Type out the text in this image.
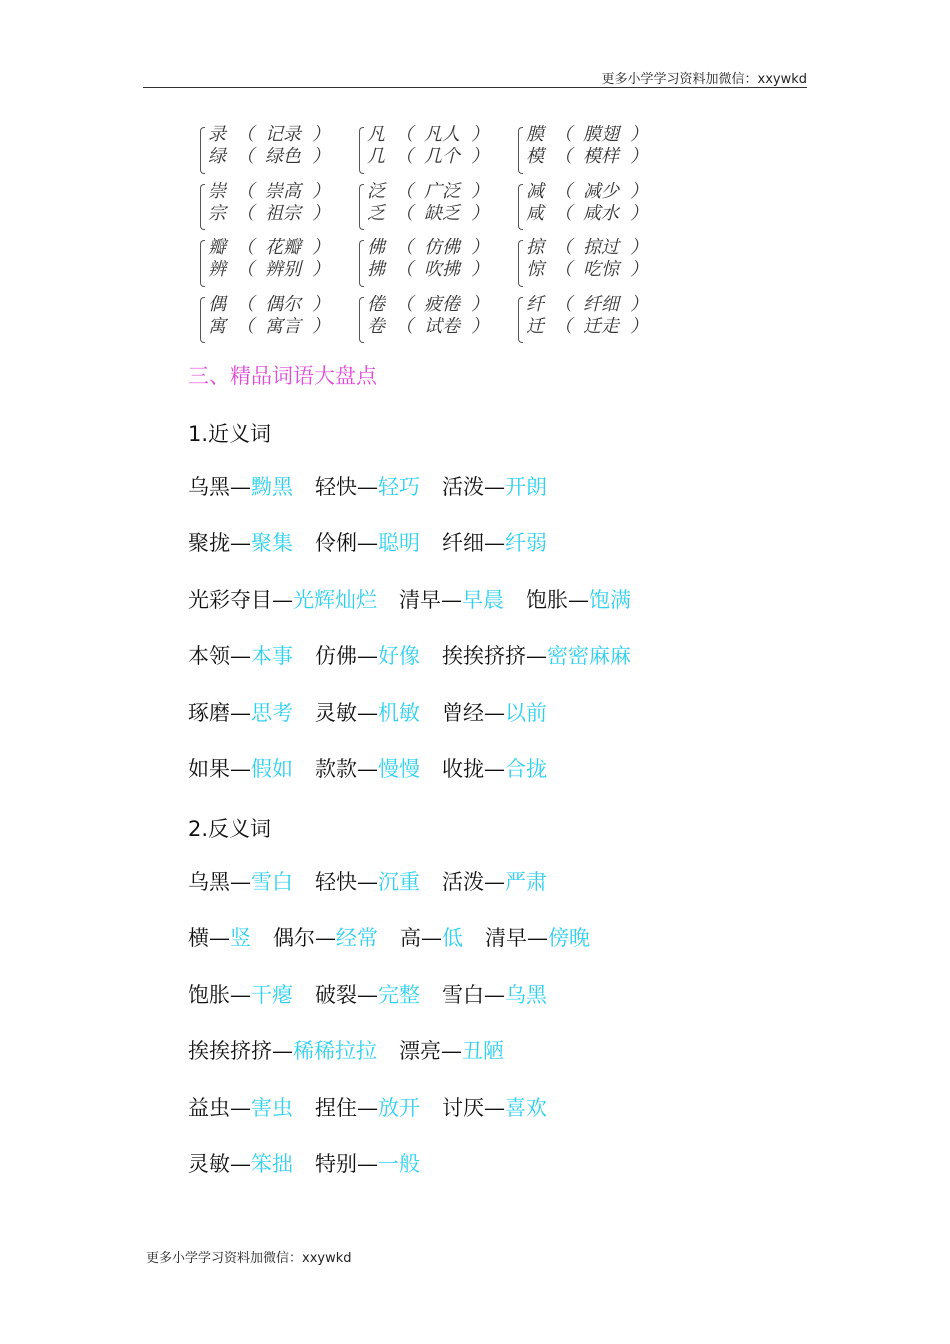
更多小学学习资料加微信：xxywkd
录 （ 记录 ）
绿 （ 绿色 ）
凡 （ 凡人 ）
几 （ 几个 ）
膜 （ 膜翅 ）
模 （ 模样 ）
崇 （ 崇高 ）
宗 （ 祖宗 ）
泛 （ 广泛 ）
乏 （ 缺乏 ）
减 （ 减少 ）
咸 （ 咸水 ）
瓣 （ 花瓣 ）
辨 （ 辨别 ）
佛 （ 仿佛 ）
拂 （ 吹拂 ）
掠 （ 掠过 ）
惊 （ 吃惊 ）
偶 （ 偶尔 ）
寓 （ 寓言 ）
倦 （ 疲倦 ）
卷 （ 试卷 ）
纤 （ 纤细 ）
迁 （ 迁走 ）
三、精品词语大盘点
1.近义词
乌黑—黝黑 轻快—轻巧 活泼—开朗
聚拢—聚集 伶俐—聪明 纤细—纤弱
光彩夺目—光辉灿烂 清早—早晨 饱胀—饱满
本领—本事 仿佛—好像 挨挨挤挤—密密麻麻
琢磨—思考 灵敏—机敏 曾经—以前
如果—假如 款款—慢慢 收拢—合拢
2.反义词
乌黑—雪白 轻快—沉重 活泼—严肃
横—竖 偶尔—经常 高—低 清早—傍晚
饱胀—干瘪 破裂—完整 雪白—乌黑
挨挨挤挤—稀稀拉拉 漂亮—丑陋
益虫—害虫 捏住—放开 讨厌—喜欢
灵敏—笨拙 特别—一般
更多小学学习资料加微信：xxywkd
